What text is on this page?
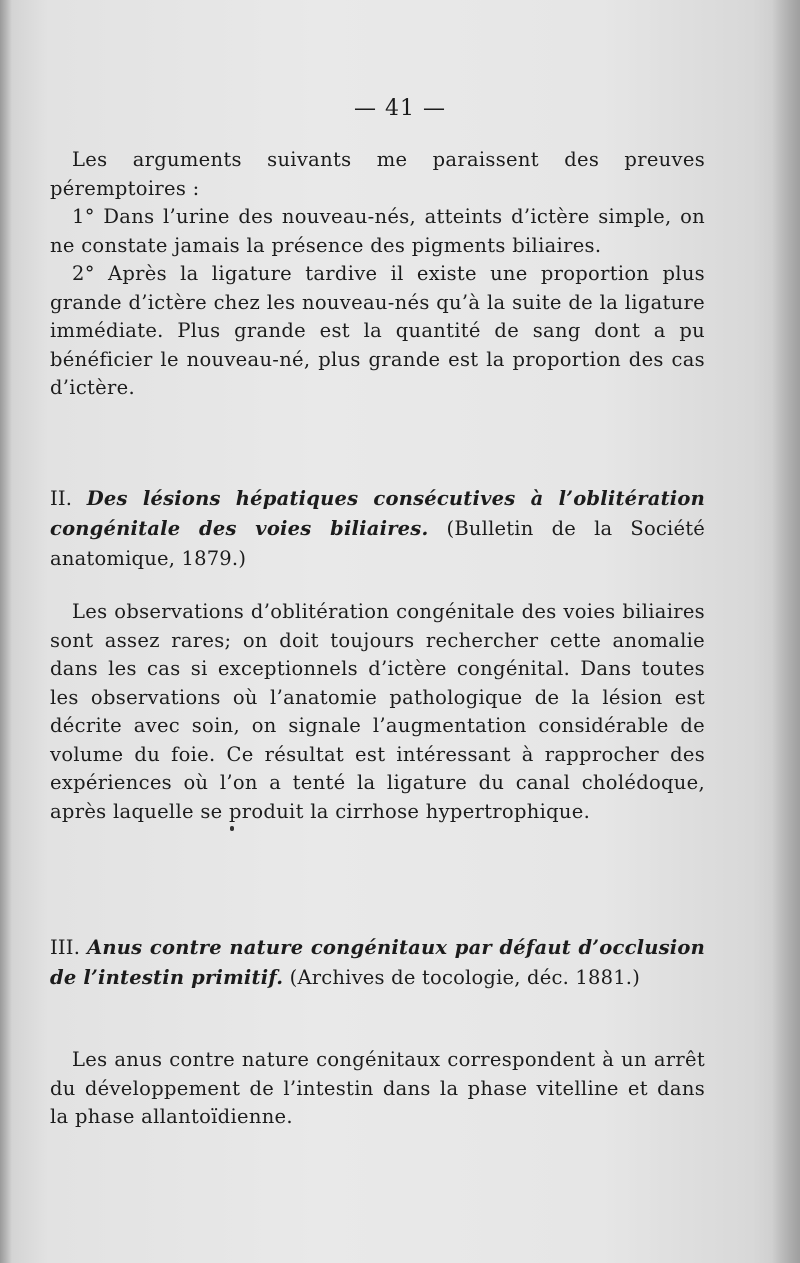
— 41 —

Les arguments suivants me paraissent des preuves péremptoires :

1° Dans l’urine des nouveau-nés, atteints d’ictère simple, on ne constate jamais la présence des pigments biliaires.

2° Après la ligature tardive il existe une proportion plus grande d’ictère chez les nouveau-nés qu’à la suite de la ligature immédiate. Plus grande est la quantité de sang dont a pu bénéficier le nouveau-né, plus grande est la proportion des cas d’ictère.

II. Des lésions hépatiques consécutives à l’oblitération congénitale des voies biliaires. (Bulletin de la Société anatomique, 1879.)

Les observations d’oblitération congénitale des voies biliaires sont assez rares; on doit toujours rechercher cette anomalie dans les cas si exceptionnels d’ictère congénital. Dans toutes les observations où l’anatomie pathologique de la lésion est décrite avec soin, on signale l’augmentation considérable de volume du foie. Ce résultat est intéressant à rapprocher des expériences où l’on a tenté la ligature du canal cholédoque, après laquelle se produit la cirrhose hypertrophique.

III. Anus contre nature congénitaux par défaut d’occlusion de l’intestin primitif. (Archives de tocologie, déc. 1881.)

Les anus contre nature congénitaux correspondent à un arrêt du développement de l’intestin dans la phase vitelline et dans la phase allantoïdienne.
